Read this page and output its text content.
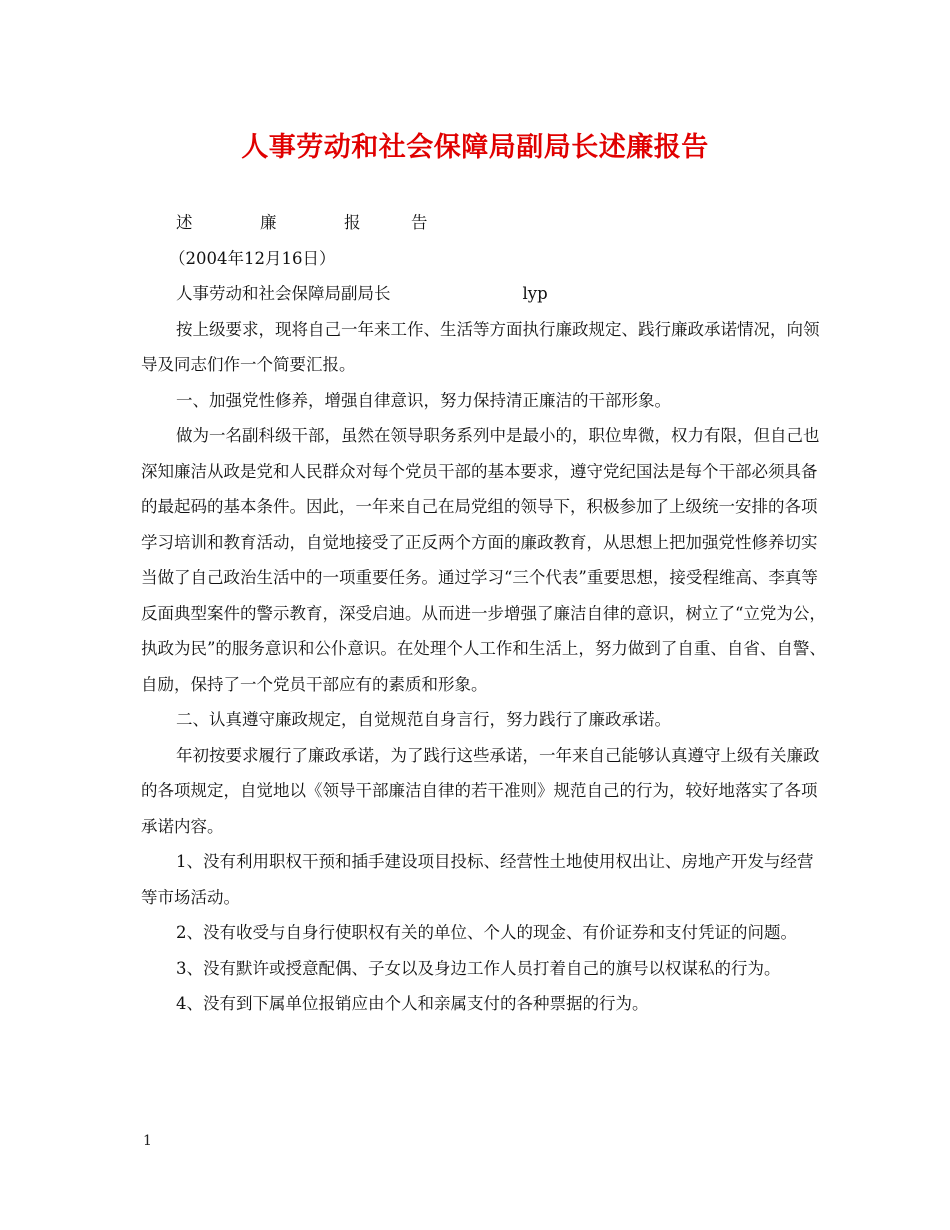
人事劳动和社会保障局副局长述廉报告

述	廉	报	告

（2004年12月16日）

人事劳动和社会保障局副局长	lyp

按上级要求，现将自己一年来工作、生活等方面执行廉政规定、践行廉政承诺情况，向领导及同志们作一个简要汇报。

一、加强党性修养，增强自律意识，努力保持清正廉洁的干部形象。

做为一名副科级干部，虽然在领导职务系列中是最小的，职位卑微，权力有限，但自己也深知廉洁从政是党和人民群众对每个党员干部的基本要求，遵守党纪国法是每个干部必须具备的最起码的基本条件。因此，一年来自己在局党组的领导下，积极参加了上级统一安排的各项学习培训和教育活动，自觉地接受了正反两个方面的廉政教育，从思想上把加强党性修养切实当做了自己政治生活中的一项重要任务。通过学习“三个代表”重要思想，接受程维高、李真等反面典型案件的警示教育，深受启迪。从而进一步增强了廉洁自律的意识，树立了“立党为公，执政为民”的服务意识和公仆意识。在处理个人工作和生活上，努力做到了自重、自省、自警、自励，保持了一个党员干部应有的素质和形象。

二、认真遵守廉政规定，自觉规范自身言行，努力践行了廉政承诺。

年初按要求履行了廉政承诺，为了践行这些承诺，一年来自己能够认真遵守上级有关廉政的各项规定，自觉地以《领导干部廉洁自律的若干准则》规范自己的行为，较好地落实了各项承诺内容。

1、没有利用职权干预和插手建设项目投标、经营性土地使用权出让、房地产开发与经营等市场活动。

2、没有收受与自身行使职权有关的单位、个人的现金、有价证券和支付凭证的问题。

3、没有默许或授意配偶、子女以及身边工作人员打着自己的旗号以权谋私的行为。

4、没有到下属单位报销应由个人和亲属支付的各种票据的行为。

1
